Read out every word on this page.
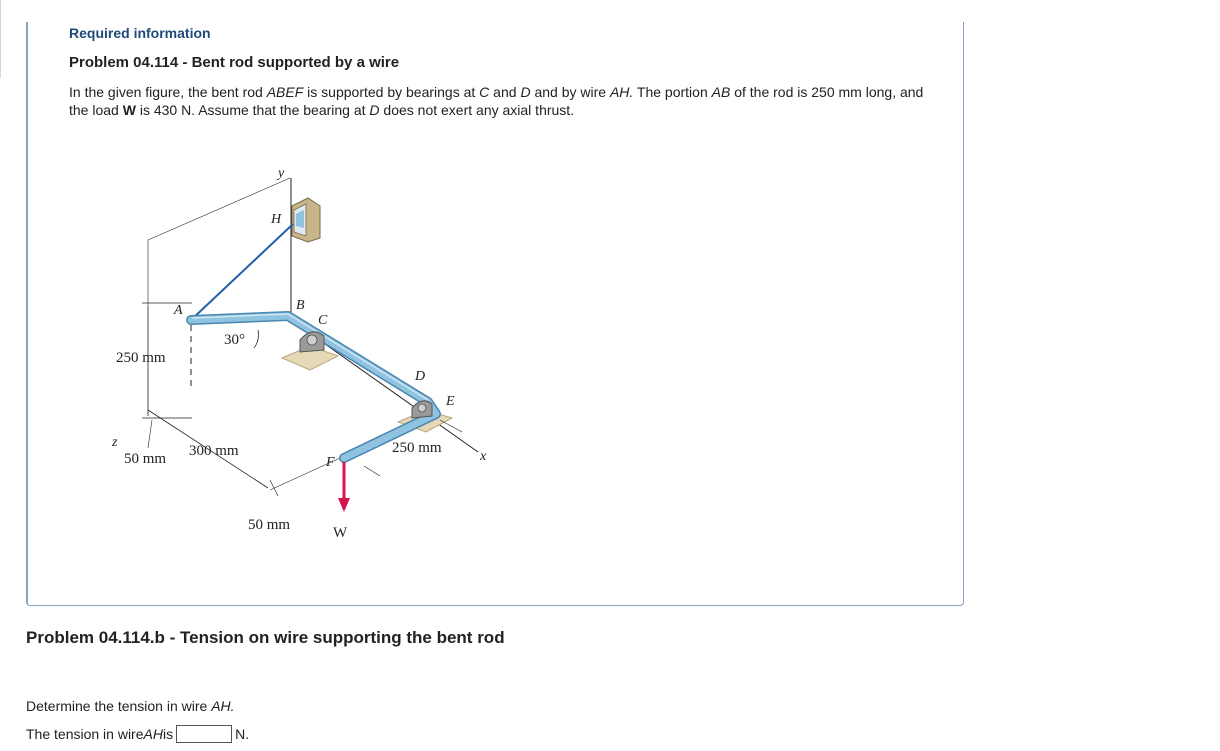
Required information
Problem 04.114 - Bent rod supported by a wire
In the given figure, the bent rod ABEF is supported by bearings at C and D and by wire AH. The portion AB of the rod is 250 mm long, and the load W is 430 N. Assume that the bearing at D does not exert any axial thrust.
y
x
z
H
A
250 mm
50 mm 300 mm
50 mm
30°
B
C
D
E
F
250 mm
W
Problem 04.114.b - Tension on wire supporting the bent rod
Determine the tension in wire AH.
The tension in wire AH is	N.
